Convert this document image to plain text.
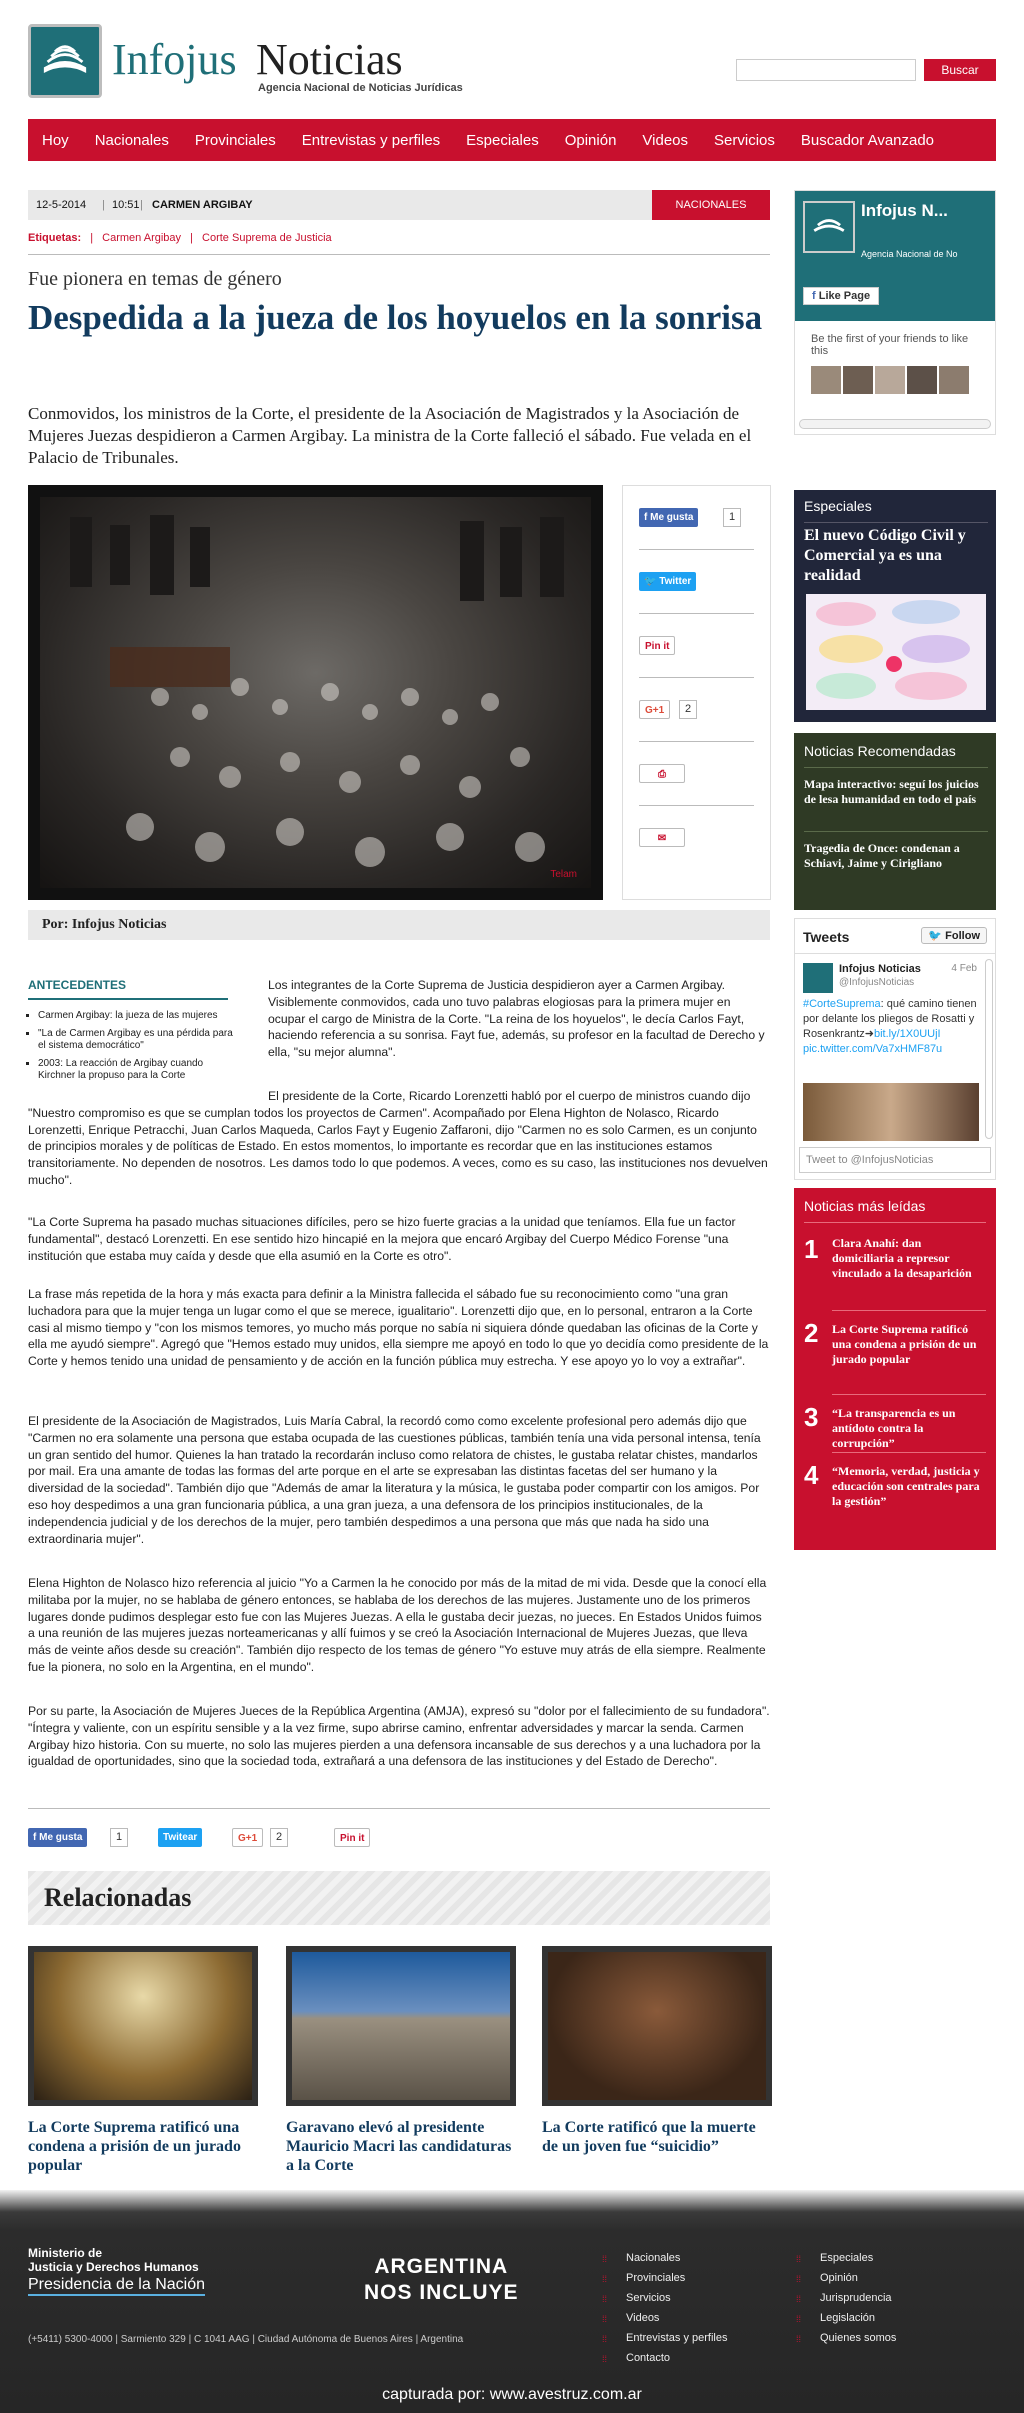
Infojus Noticias
Agencia Nacional de Noticias Jurídicas
Buscar
Hoy Nacionales Provinciales Entrevistas y perfiles Especiales Opinión Videos Servicios Buscador Avanzado
12-5-2014 | 10:51 | CARMEN ARGIBAY	NACIONALES
Etiquetas: | Carmen Argibay | Corte Suprema de Justicia
Fue pionera en temas de género
Despedida a la jueza de los hoyuelos en la sonrisa
Conmovidos, los ministros de la Corte, el presidente de la Asociación de Magistrados y la Asociación de Mujeres Juezas despidieron a Carmen Argibay. La ministra de la Corte falleció el sábado. Fue velada en el Palacio de Tribunales.
Telam
f Me gusta	1
🐦 Twitter
Pin it
G+1	2
⎙
✉
Por: Infojus Noticias
ANTECEDENTES
▪ Carmen Argibay: la jueza de las mujeres
▪ "La de Carmen Argibay es una pérdida para el sistema democrático"
▪ 2003: La reacción de Argibay cuando Kirchner la propuso para la Corte
Los integrantes de la Corte Suprema de Justicia despidieron ayer a Carmen Argibay. Visiblemente conmovidos, cada uno tuvo palabras elogiosas para la primera mujer en ocupar el cargo de Ministra de la Corte. "La reina de los hoyuelos", le decía Carlos Fayt, haciendo referencia a su sonrisa. Fayt fue, además, su profesor en la facultad de Derecho y ella, "su mejor alumna".
El presidente de la Corte, Ricardo Lorenzetti habló por el cuerpo de ministros cuando dijo "Nuestro compromiso es que se cumplan todos los proyectos de Carmen". Acompañado por Elena Highton de Nolasco, Ricardo Lorenzetti, Enrique Petracchi, Juan Carlos Maqueda, Carlos Fayt y Eugenio Zaffaroni, dijo "Carmen no es solo Carmen, es un conjunto de principios morales y de políticas de Estado. En estos momentos, lo importante es recordar que en las instituciones estamos transitoriamente. No dependen de nosotros. Les damos todo lo que podemos. A veces, como es su caso, las instituciones nos devuelven mucho".
"La Corte Suprema ha pasado muchas situaciones difíciles, pero se hizo fuerte gracias a la unidad que teníamos. Ella fue un factor fundamental", destacó Lorenzetti. En ese sentido hizo hincapié en la mejora que encaró Argibay del Cuerpo Médico Forense "una institución que estaba muy caída y desde que ella asumió en la Corte es otro".
La frase más repetida de la hora y más exacta para definir a la Ministra fallecida el sábado fue su reconocimiento como "una gran luchadora para que la mujer tenga un lugar como el que se merece, igualitario". Lorenzetti dijo que, en lo personal, entraron a la Corte casi al mismo tiempo y "con los mismos temores, yo mucho más porque no sabía ni siquiera dónde quedaban las oficinas de la Corte y ella me ayudó siempre". Agregó que "Hemos estado muy unidos, ella siempre me apoyó en todo lo que yo decidía como presidente de la Corte y hemos tenido una unidad de pensamiento y de acción en la función pública muy estrecha. Y ese apoyo yo lo voy a extrañar".
El presidente de la Asociación de Magistrados, Luis María Cabral, la recordó como como excelente profesional pero además dijo que "Carmen no era solamente una persona que estaba ocupada de las cuestiones públicas, también tenía una vida personal intensa, tenía un gran sentido del humor. Quienes la han tratado la recordarán incluso como relatora de chistes, le gustaba relatar chistes, mandarlos por mail. Era una amante de todas las formas del arte porque en el arte se expresaban las distintas facetas del ser humano y la diversidad de la sociedad". También dijo que "Además de amar la literatura y la música, le gustaba poder compartir con los amigos. Por eso hoy despedimos a una gran funcionaria pública, a una gran jueza, a una defensora de los principios institucionales, de la independencia judicial y de los derechos de la mujer, pero también despedimos a una persona que más que nada ha sido una extraordinaria mujer".
Elena Highton de Nolasco hizo referencia al juicio "Yo a Carmen la he conocido por más de la mitad de mi vida. Desde que la conocí ella militaba por la mujer, no se hablaba de género entonces, se hablaba de los derechos de las mujeres. Justamente uno de los primeros lugares donde pudimos desplegar esto fue con las Mujeres Juezas. A ella le gustaba decir juezas, no jueces. En Estados Unidos fuimos a una reunión de las mujeres juezas norteamericanas y allí fuimos y se creó la Asociación Internacional de Mujeres Juezas, que lleva más de veinte años desde su creación". También dijo respecto de los temas de género "Yo estuve muy atrás de ella siempre. Realmente fue la pionera, no solo en la Argentina, en el mundo".
Por su parte, la Asociación de Mujeres Jueces de la República Argentina (AMJA), expresó su "dolor por el fallecimiento de su fundadora". "Íntegra y valiente, con un espíritu sensible y a la vez firme, supo abrirse camino, enfrentar adversidades y marcar la senda. Carmen Argibay hizo historia. Con su muerte, no solo las mujeres pierden a una defensora incansable de sus derechos y a una luchadora por la igualdad de oportunidades, sino que la sociedad toda, extrañará a una defensora de las instituciones y del Estado de Derecho".
f Me gusta	1	Twitear	G+1	2	Pin it
Relacionadas
La Corte Suprema ratificó una condena a prisión de un jurado popular
Garavano elevó al presidente Mauricio Macri las candidaturas a la Corte
La Corte ratificó que la muerte de un joven fue “suicidio”
Infojus N...
Agencia Nacional de No
f Like Page
Be the first of your friends to like this
Especiales
El nuevo Código Civil y Comercial ya es una realidad
Noticias Recomendadas
Mapa interactivo: seguí los juicios de lesa humanidad en todo el país
Tragedia de Once: condenan a Schiavi, Jaime y Cirigliano
Tweets	🐦 Follow
Infojus Noticias	4 Feb
@InfojusNoticias
#CorteSuprema: qué camino tienen por delante los pliegos de Rosatti y Rosenkrantz➜bit.ly/1X0UUjI
pic.twitter.com/Va7xHMF87u
Tweet to @InfojusNoticias
Noticias más leídas
1 Clara Anahí: dan domiciliaria a represor vinculado a la desaparición
2 La Corte Suprema ratificó una condena a prisión de un jurado popular
3 “La transparencia es un antídoto contra la corrupción”
4 “Memoria, verdad, justicia y educación son centrales para la gestión”
Ministerio de
Justicia y Derechos Humanos
Presidencia de la Nación
ARGENTINA
NOS INCLUYE
(+5411) 5300-4000 | Sarmiento 329 | C 1041 AAG | Ciudad Autónoma de Buenos Aires | Argentina
⁞⁞ Nacionales
⁞⁞ Provinciales
⁞⁞ Servicios
⁞⁞ Videos
⁞⁞ Entrevistas y perfiles
⁞⁞ Contacto
⁞⁞ Especiales
⁞⁞ Opinión
⁞⁞ Jurisprudencia
⁞⁞ Legislación
⁞⁞ Quienes somos
capturada por: www.avestruz.com.ar
